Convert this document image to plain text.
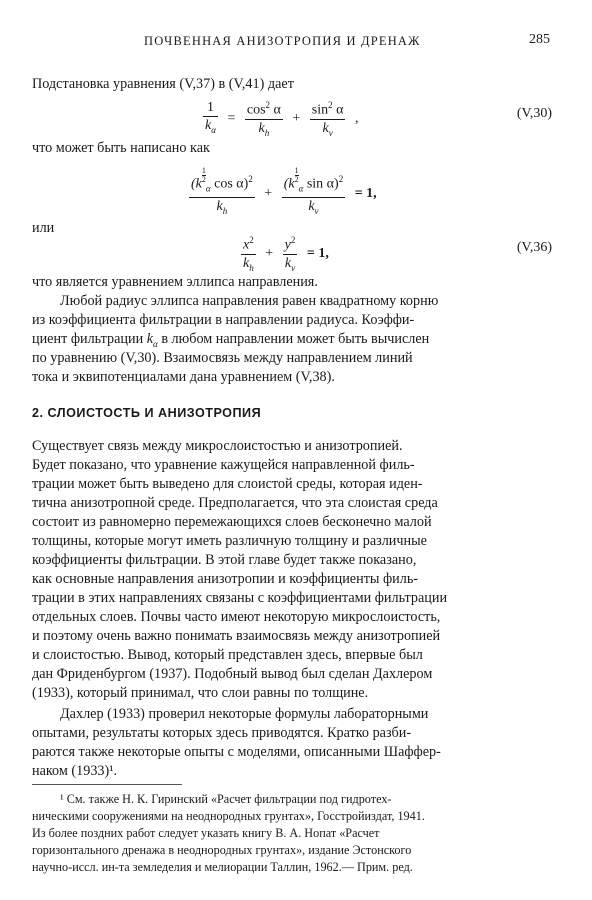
ПОЧВЕННАЯ АНИЗОТРОПИЯ И ДРЕНАЖ	285
Подстановка уравнения (V,37) в (V,41) дает
$\frac{1}{k_\alpha} = \frac{\cos^2 \alpha}{k_h} + \frac{\sin^2 \alpha}{k_v}$ ,	(V,30)
что может быть написано как
(k
$\frac{1}{2}$
$_\alpha$ cos α)$^2$
$k_h + (k$
$\frac{1}{2}$
$_\alpha$ sin α)$^2$
$k_v = 1$,
или
$\frac{x^2}{k_h} + \frac{y^2}{k_v} = 1$,	(V,36)
что является уравнением эллипса направления.
Любой радиус эллипса направления равен квадратному корню
из коэффициента фильтрации в направлении радиуса. Коэффи-
циент фильтрации $k_\alpha$ в любом направлении может быть вычислен
по уравнению (V,30). Взаимосвязь между направлением линий
тока и эквипотенциалами дана уравнением (V,38).
2. СЛОИСТОСТЬ И АНИЗОТРОПИЯ
Существует связь между микрослоистостью и анизотропией.
Будет показано, что уравнение кажущейся направленной филь-
трации может быть выведено для слоистой среды, которая иден-
тична анизотропной среде. Предполагается, что эта слоистая среда
состоит из равномерно перемежающихся слоев бесконечно малой
толщины, которые могут иметь различную толщину и различные
коэффициенты фильтрации. В этой главе будет также показано,
как основные направления анизотропии и коэффициенты филь-
трации в этих направлениях связаны с коэффициентами фильтрации
отдельных слоев. Почвы часто имеют некоторую микрослоистость,
и поэтому очень важно понимать взаимосвязь между анизотропией
и слоистостью. Вывод, который представлен здесь, впервые был
дан Фриденбургом (1937). Подобный вывод был сделан Дахлером
(1933), который принимал, что слои равны по толщине.
Дахлер (1933) проверил некоторые формулы лабораторными
опытами, результаты которых здесь приводятся. Кратко разби-
раются также некоторые опыты с моделями, описанными Шаффер-
наком (1933)¹.
¹ См. также Н. К. Гиринский «Расчет фильтрации под гидротех-
ническими сооружениями на неоднородных грунтах», Госстройиздат, 1941.
Из более поздних работ следует указать книгу В. А. Нопат «Расчет
горизонтального дренажа в неоднородных грунтах», издание Эстонского
научно-иссл. ин-та земледелия и мелиорации Таллин, 1962.— Прим. ред.
